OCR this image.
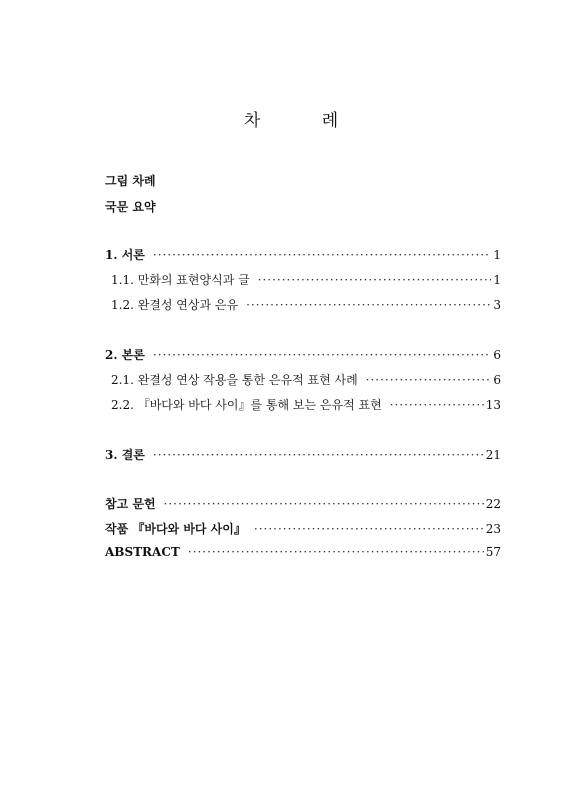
차 례
그림 차례
국문 요약
1. 서론 ·····	1
1.1. 만화의 표현양식과 글 ·····	1
1.2. 완결성 연상과 은유 ·····	3
2. 본론 ·····	6
2.1. 완결성 연상 작용을 통한 은유적 표현 사례 ·····	6
2.2. 『바다와 바다 사이』를 통해 보는 은유적 표현 ·····	13
3. 결론 ·····	21
참고 문헌 ·····	22
작품 『바다와 바다 사이』 ·····	23
ABSTRACT ·····	57
